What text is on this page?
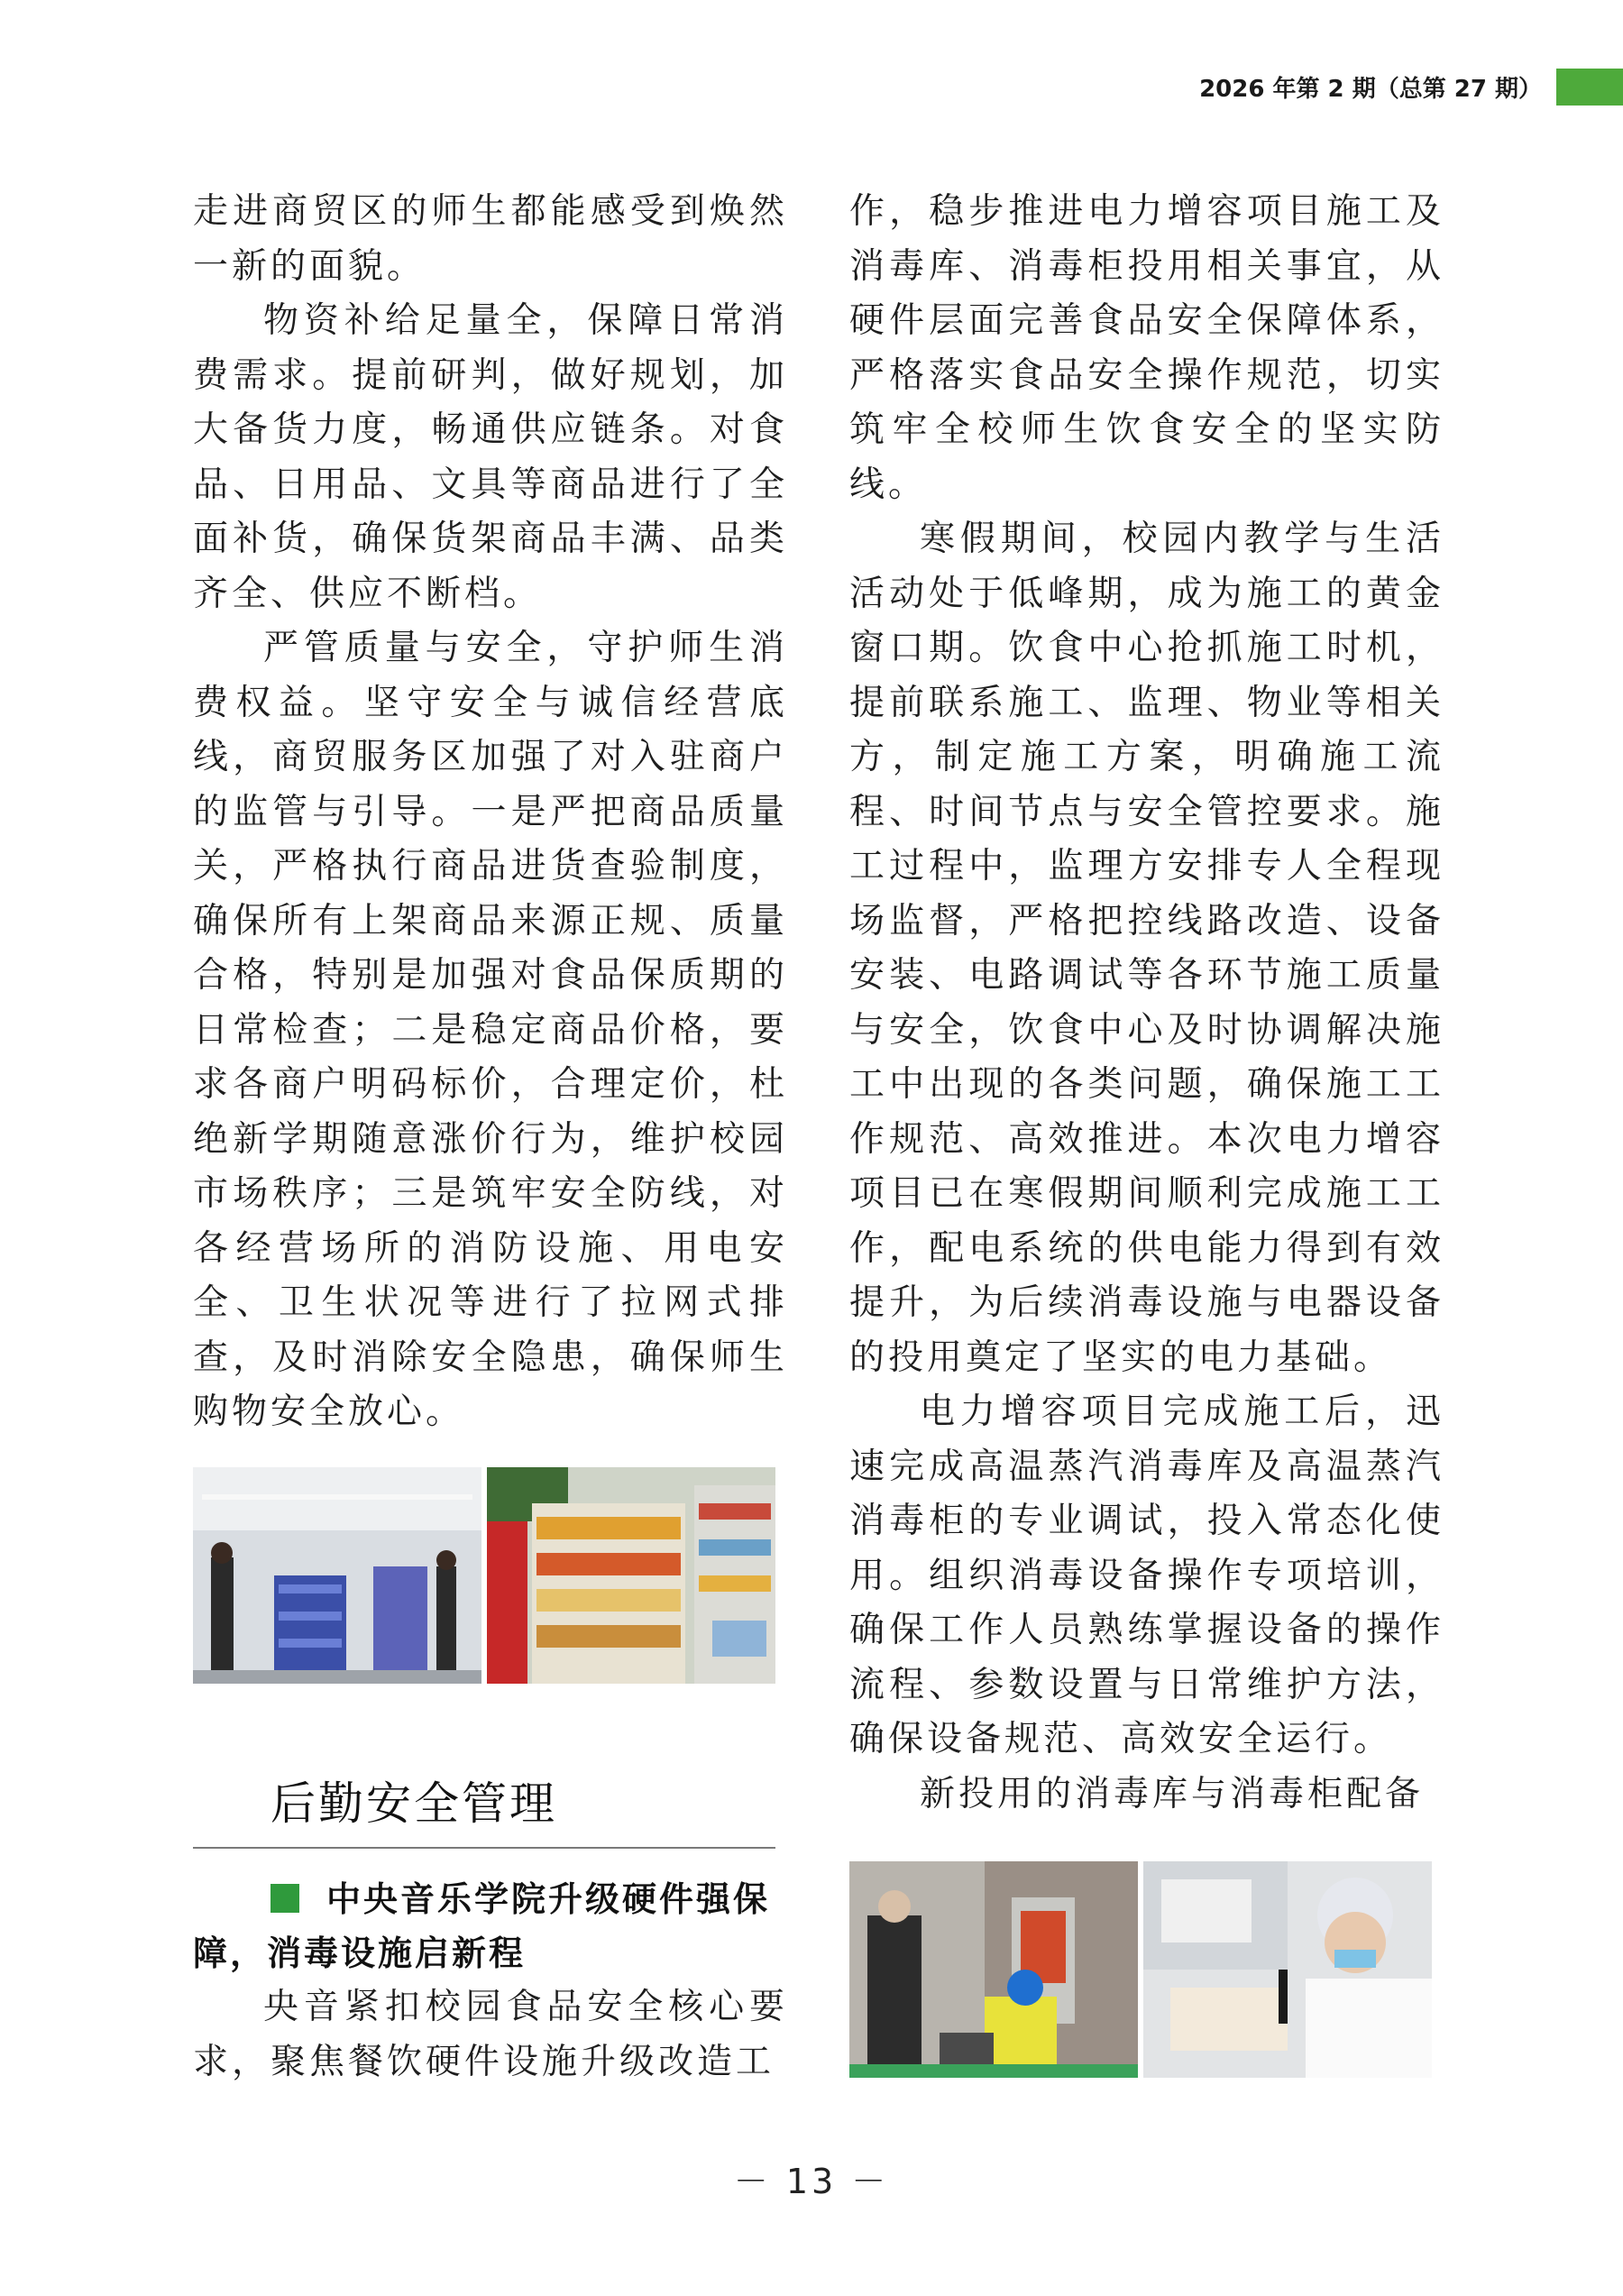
2026 年第 2 期（总第 27 期）

走进商贸区的师生都能感受到焕然一新的面貌。

物资补给足量全，保障日常消费需求。提前研判，做好规划，加大备货力度，畅通供应链条。对食品、日用品、文具等商品进行了全面补货，确保货架商品丰满、品类齐全、供应不断档。

严管质量与安全，守护师生消费权益。坚守安全与诚信经营底线，商贸服务区加强了对入驻商户的监管与引导。一是严把商品质量关，严格执行商品进货查验制度，确保所有上架商品来源正规、质量合格，特别是加强对食品保质期的日常检查；二是稳定商品价格，要求各商户明码标价，合理定价，杜绝新学期随意涨价行为，维护校园市场秩序；三是筑牢安全防线，对各经营场所的消防设施、用电安全、卫生状况等进行了拉网式排查，及时消除安全隐患，确保师生购物安全放心。

后勤安全管理
中央音乐学院升级硬件强保障，消毒设施启新程

央音紧扣校园食品安全核心要求，聚焦餐饮硬件设施升级改造工

作，稳步推进电力增容项目施工及消毒库、消毒柜投用相关事宜，从硬件层面完善食品安全保障体系，严格落实食品安全操作规范，切实筑牢全校师生饮食安全的坚实防线。

寒假期间，校园内教学与生活活动处于低峰期，成为施工的黄金窗口期。饮食中心抢抓施工时机，提前联系施工、监理、物业等相关方，制定施工方案，明确施工流程、时间节点与安全管控要求。施工过程中，监理方安排专人全程现场监督，严格把控线路改造、设备安装、电路调试等各环节施工质量与安全，饮食中心及时协调解决施工中出现的各类问题，确保施工工作规范、高效推进。本次电力增容项目已在寒假期间顺利完成施工工作，配电系统的供电能力得到有效提升，为后续消毒设施与电器设备的投用奠定了坚实的电力基础。

电力增容项目完成施工后，迅速完成高温蒸汽消毒库及高温蒸汽消毒柜的专业调试，投入常态化使用。组织消毒设备操作专项培训，确保工作人员熟练掌握设备的操作流程、参数设置与日常维护方法，确保设备规范、高效安全运行。

新投用的消毒库与消毒柜配备

－ 13 －
